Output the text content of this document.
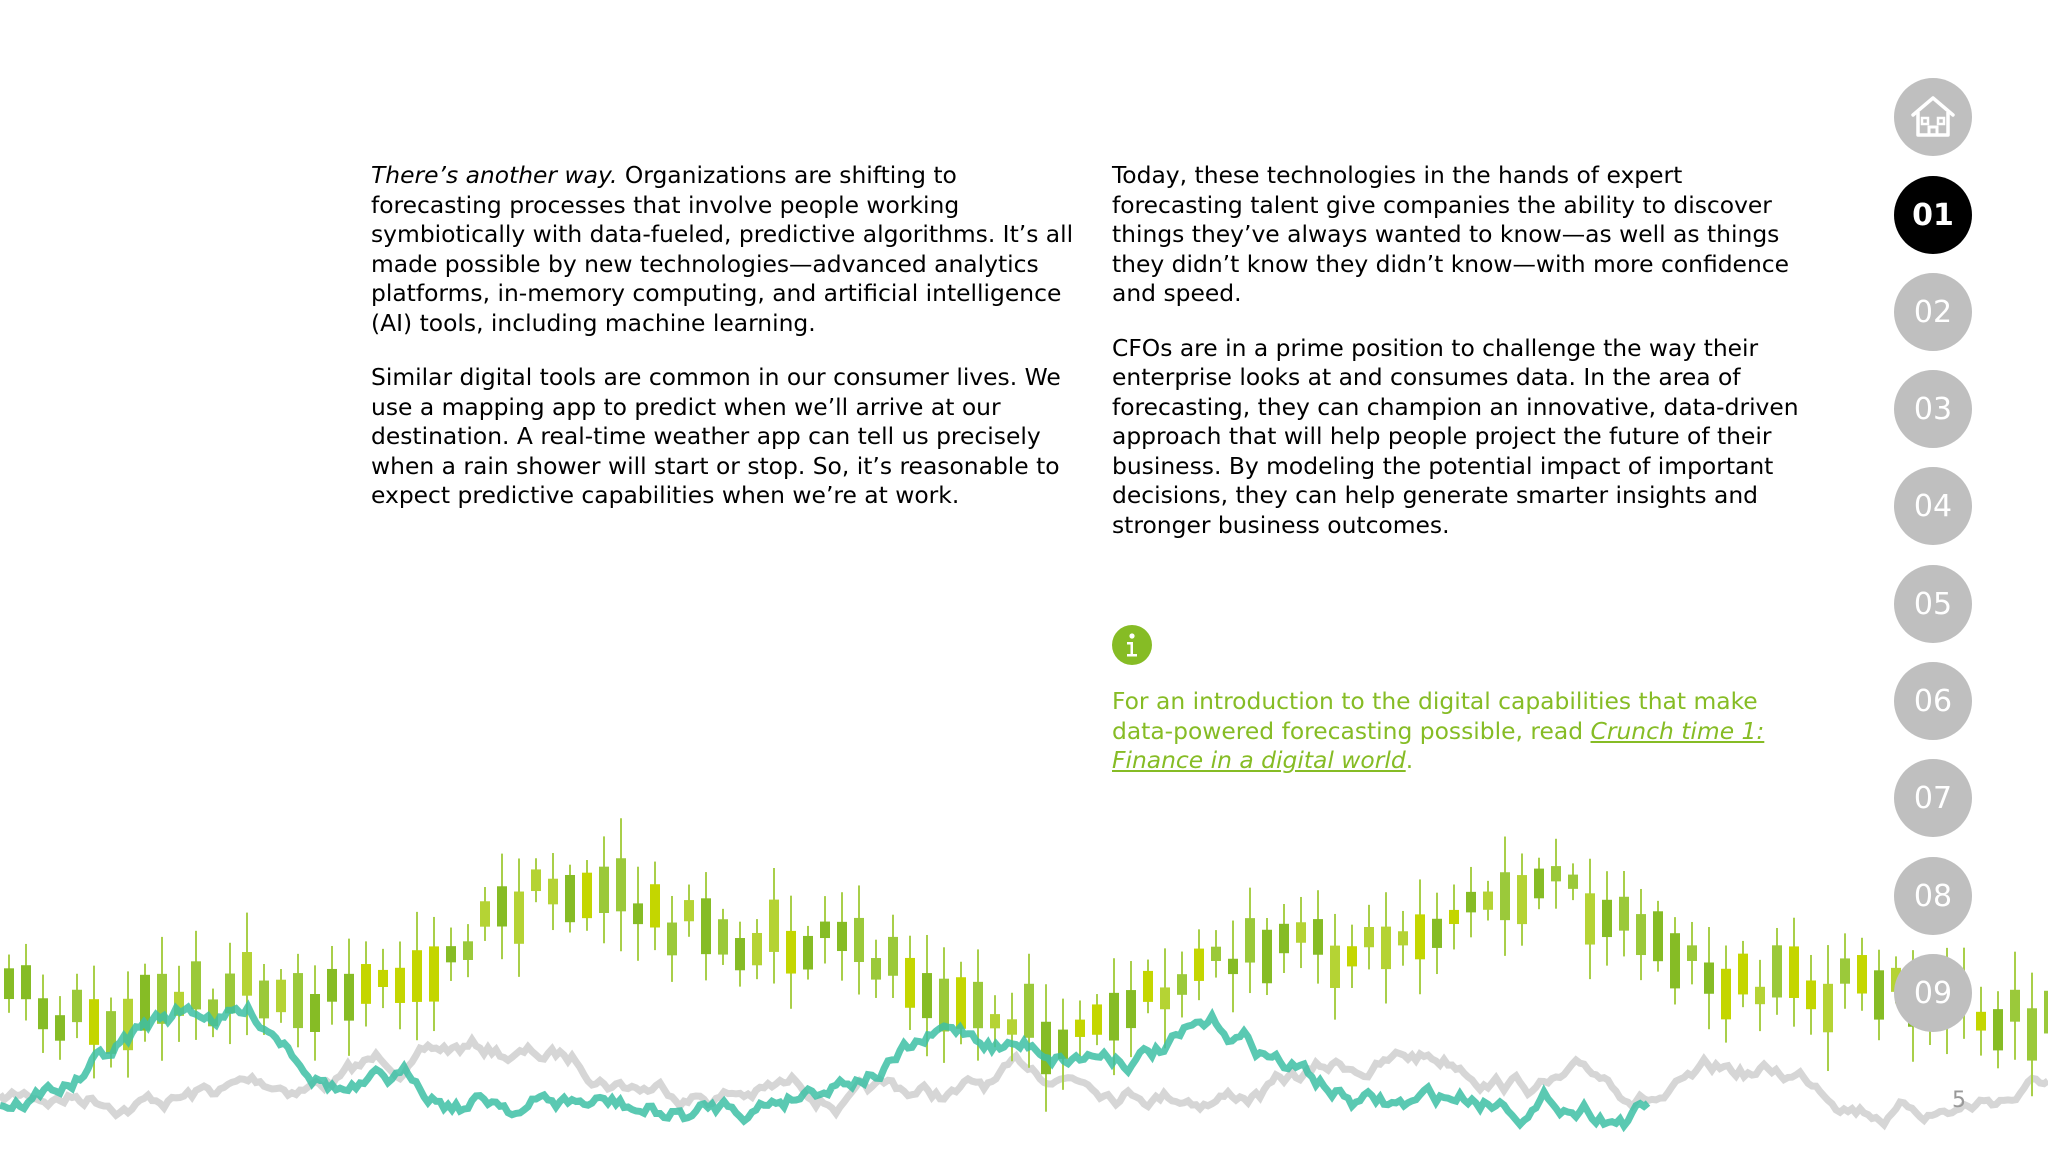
There’s another way. Organizations are shifting to forecasting processes that involve people working symbiotically with data-fueled, predictive algorithms. It’s all made possible by new technologies—advanced analytics platforms, in-memory computing, and artificial intelligence (AI) tools, including machine learning.

Similar digital tools are common in our consumer lives. We use a mapping app to predict when we’ll arrive at our destination. A real-time weather app can tell us precisely when a rain shower will start or stop. So, it’s reasonable to expect predictive capabilities when we’re at work.

Today, these technologies in the hands of expert forecasting talent give companies the ability to discover things they’ve always wanted to know—as well as things they didn’t know they didn’t know—with more confidence and speed.

CFOs are in a prime position to challenge the way their enterprise looks at and consumes data. In the area of forecasting, they can champion an innovative, data-driven approach that will help people project the future of their business. By modeling the potential impact of important decisions, they can help generate smarter insights and stronger business outcomes.

For an introduction to the digital capabilities that make data-powered forecasting possible, read Crunch time 1: Finance in a digital world.
01
02
03
04
05
06
07
08
09
5
